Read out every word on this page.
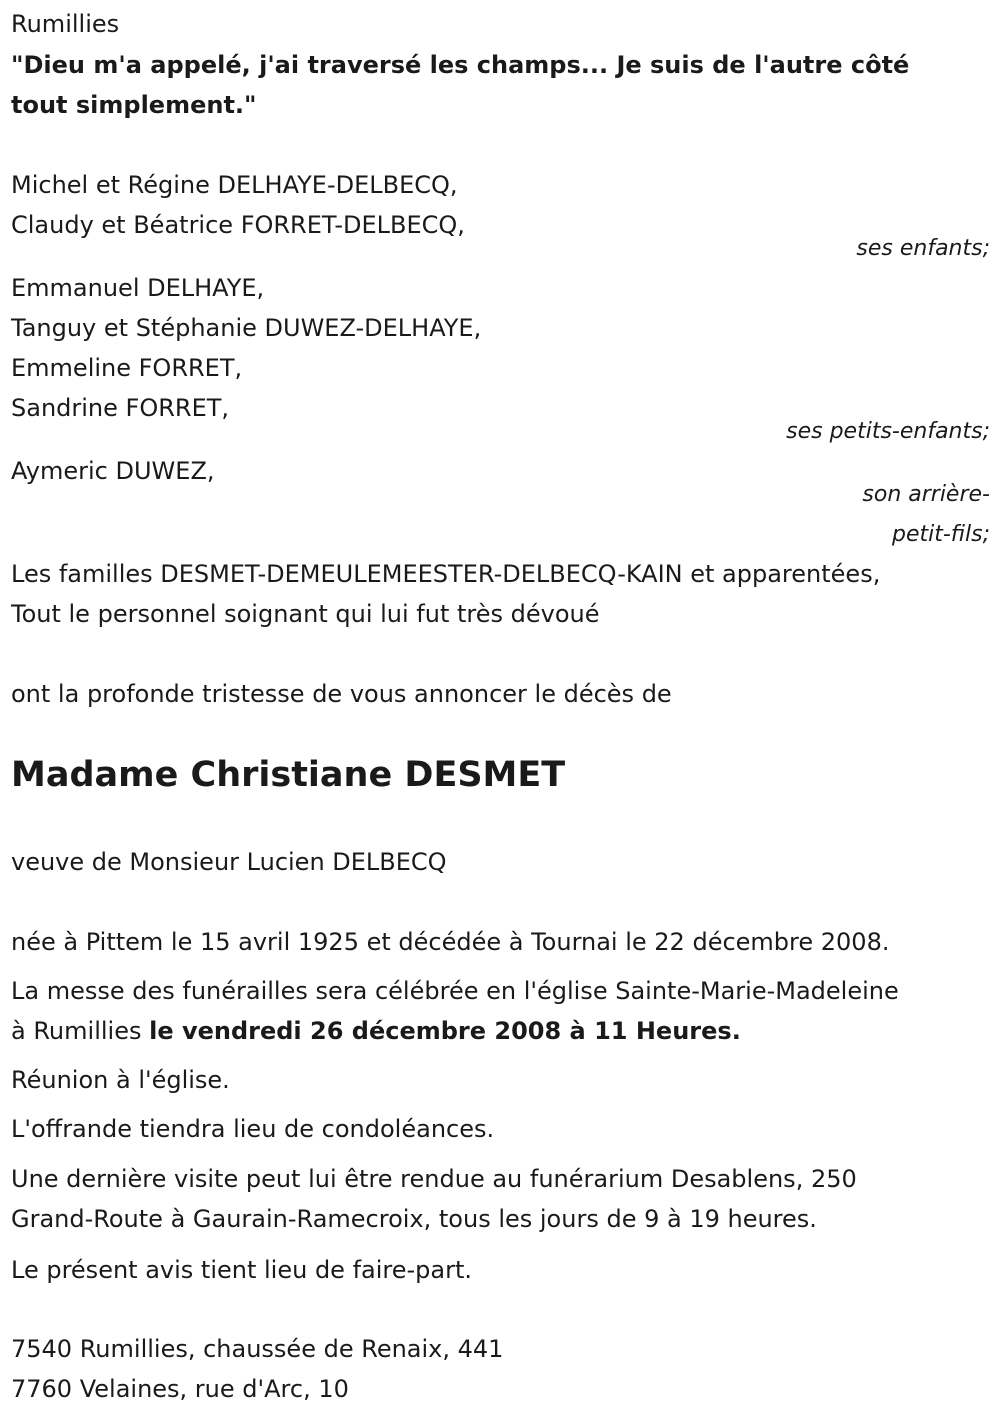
Rumillies
"Dieu m'a appelé, j'ai traversé les champs... Je suis de l'autre côté
tout simplement."
Michel et Régine DELHAYE-DELBECQ,
Claudy et Béatrice FORRET-DELBECQ,
ses enfants;
Emmanuel DELHAYE,
Tanguy et Stéphanie DUWEZ-DELHAYE,
Emmeline FORRET,
Sandrine FORRET,
ses petits-enfants;
Aymeric DUWEZ,
son arrière-
petit-fils;
Les familles DESMET-DEMEULEMEESTER-DELBECQ-KAIN et apparentées,
Tout le personnel soignant qui lui fut très dévoué
ont la profonde tristesse de vous annoncer le décès de
Madame Christiane DESMET
veuve de Monsieur Lucien DELBECQ
née à Pittem le 15 avril 1925 et décédée à Tournai le 22 décembre 2008.
La messe des funérailles sera célébrée en l'église Sainte-Marie-Madeleine
à Rumillies le vendredi 26 décembre 2008 à 11 Heures.
Réunion à l'église.
L'offrande tiendra lieu de condoléances.
Une dernière visite peut lui être rendue au funérarium Desablens, 250
Grand-Route à Gaurain-Ramecroix, tous les jours de 9 à 19 heures.
Le présent avis tient lieu de faire-part.
7540 Rumillies, chaussée de Renaix, 441
7760 Velaines, rue d'Arc, 10
